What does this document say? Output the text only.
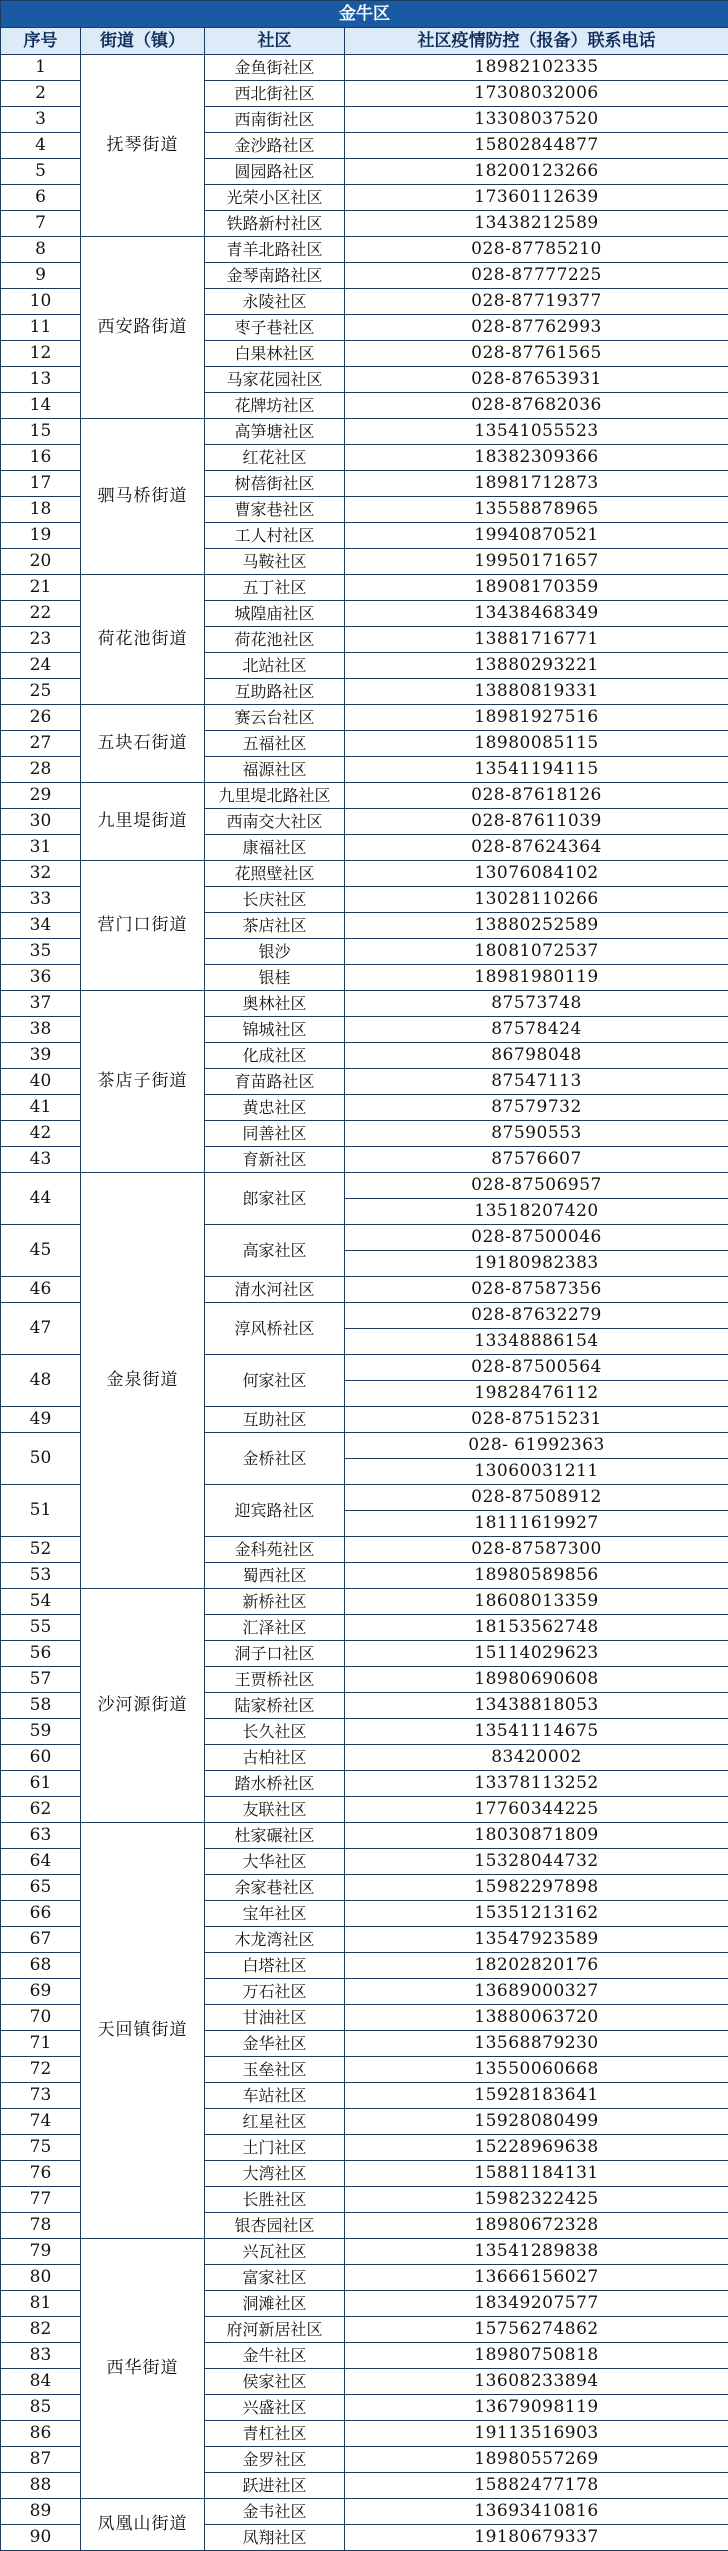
金牛区			
序号	街道（镇）	社区	社区疫情防控（报备）联系电话
1	抚琴街道	金鱼街社区	18982102335
2		西北街社区	17308032006
3		西南街社区	13308037520
4		金沙路社区	15802844877
5		圆园路社区	18200123266
6		光荣小区社区	17360112639
7		铁路新村社区	13438212589
8	西安路街道	青羊北路社区	028-87785210
9		金琴南路社区	028-87777225
10		永陵社区	028-87719377
11		枣子巷社区	028-87762993
12		白果林社区	028-87761565
13		马家花园社区	028-87653931
14		花牌坊社区	028-87682036
15	驷马桥街道	高笋塘社区	13541055523
16		红花社区	18382309366
17		树蓓街社区	18981712873
18		曹家巷社区	13558878965
19		工人村社区	19940870521
20		马鞍社区	19950171657
21	荷花池街道	五丁社区	18908170359
22		城隍庙社区	13438468349
23		荷花池社区	13881716771
24		北站社区	13880293221
25		互助路社区	13880819331
26	五块石街道	赛云台社区	18981927516
27		五福社区	18980085115
28		福源社区	13541194115
29	九里堤街道	九里堤北路社区	028-87618126
30		西南交大社区	028-87611039
31		康福社区	028-87624364
32	营门口街道	花照壁社区	13076084102
33		长庆社区	13028110266
34		茶店社区	13880252589
35		银沙	18081072537
36		银桂	18981980119
37	茶店子街道	奥林社区	87573748
38		锦城社区	87578424
39		化成社区	86798048
40		育苗路社区	87547113
41		黄忠社区	87579732
42		同善社区	87590553
43		育新社区	87576607
44	金泉街道	郎家社区	028-87506957
			13518207420
45		高家社区	028-87500046
			19180982383
46		清水河社区	028-87587356
47		淳风桥社区	028-87632279
			13348886154
48		何家社区	028-87500564
			19828476112
49		互助社区	028-87515231
50		金桥社区	028- 61992363
			13060031211
51		迎宾路社区	028-87508912
			18111619927
52		金科苑社区	028-87587300
53		蜀西社区	18980589856
54	沙河源街道	新桥社区	18608013359
55		汇泽社区	18153562748
56		洞子口社区	15114029623
57		王贾桥社区	18980690608
58		陆家桥社区	13438818053
59		长久社区	13541114675
60		古柏社区	83420002
61		踏水桥社区	13378113252
62		友联社区	17760344225
63	天回镇街道	杜家碾社区	18030871809
64		大华社区	15328044732
65		余家巷社区	15982297898
66		宝年社区	15351213162
67		木龙湾社区	13547923589
68		白塔社区	18202820176
69		万石社区	13689000327
70		甘油社区	13880063720
71		金华社区	13568879230
72		玉垒社区	13550060668
73		车站社区	15928183641
74		红星社区	15928080499
75		土门社区	15228969638
76		大湾社区	15881184131
77		长胜社区	15982322425
78		银杏园社区	18980672328
79	西华街道	兴瓦社区	13541289838
80		富家社区	13666156027
81		洞滩社区	18349207577
82		府河新居社区	15756274862
83		金牛社区	18980750818
84		侯家社区	13608233894
85		兴盛社区	13679098119
86		青杠社区	19113516903
87		金罗社区	18980557269
88		跃进社区	15882477178
89	凤凰山街道	金韦社区	13693410816
90		凤翔社区	19180679337
